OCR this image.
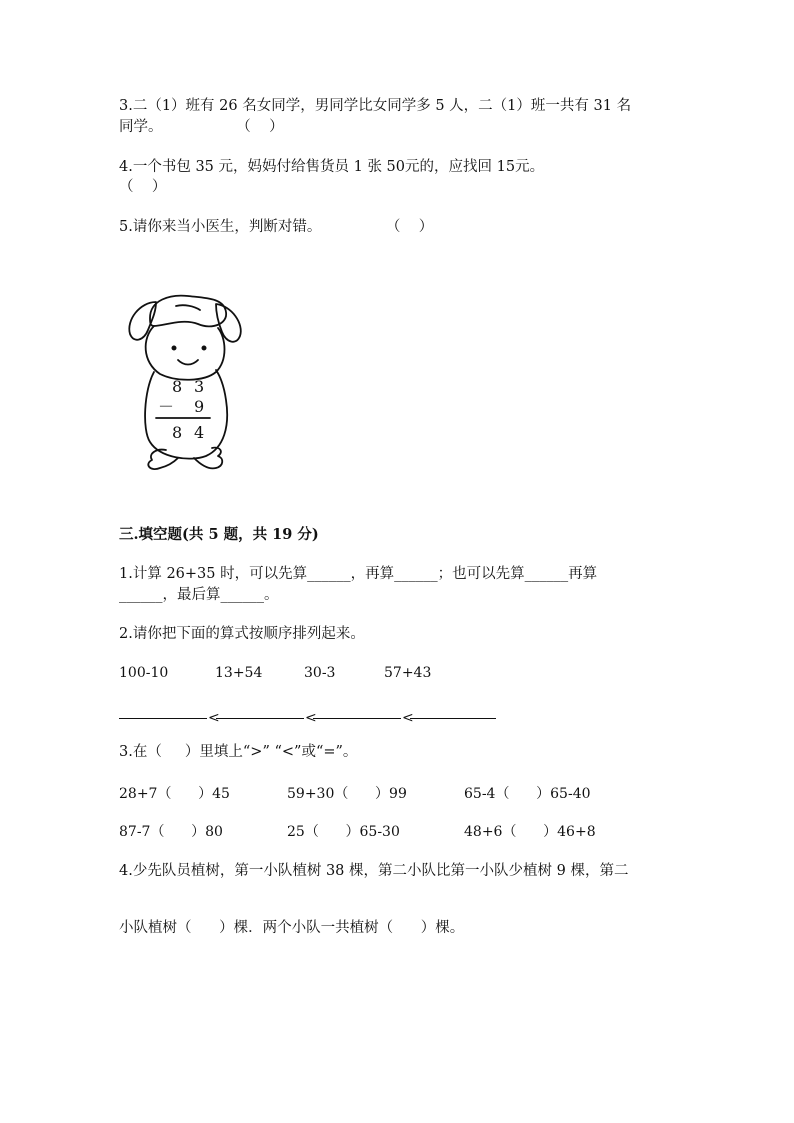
3.二（1）班有 26 名女同学，男同学比女同学多 5 人，二（1）班一共有 31 名
同学。                （    ）
4.一个书包 35 元，妈妈付给售货员 1 张 50元的，应找回 15元。
（    ）
5.请你来当小医生，判断对错。              （    ）
8 3
－ 9
8 4
三.填空题(共 5 题，共 19 分)
1.计算 26+35 时，可以先算______，再算______；也可以先算______再算
______，最后算______。
2.请你把下面的算式按顺序排列起来。

100-10

	13+54

	30-3

	57+43

<

	<

	<

3.在（     ）里填上“>” “<”或“=”。

28+7（      ）45

	59+30（      ）99

	65-4（      ）65-40

87-7（      ）80

	25（      ）65-30

	48+6（      ）46+8

4.少先队员植树，第一小队植树 38 棵，第二小队比第一小队少植树 9 棵，第二
小队植树（      ）棵．两个小队一共植树（      ）棵。
